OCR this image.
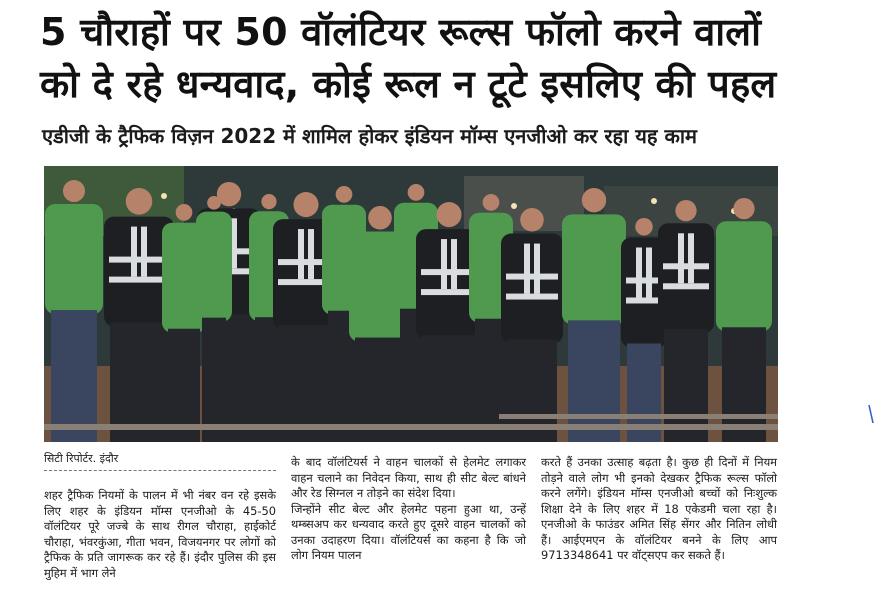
5 चौराहों पर 50 वॉलंटियर रूल्स फॉलो करने वालों
को दे रहे धन्यवाद, कोई रूल न टूटे इसलिए की पहल
एडीजी के ट्रैफिक विज़न 2022 में शामिल होकर इंडियन मॉम्स एनजीओ कर रहा यह काम
सिटी रिपोर्टर. इंदौर

शहर ट्रैफिक नियमों के पालन में भी नंबर वन रहे इसके लिए शहर के इंडियन मॉम्स एनजीओ के 45-50 वॉलंटियर पूरे जज्बे के साथ रीगल चौराहा, हाईकोर्ट चौराहा, भंवरकुंआ, गीता भवन, विजयनगर पर लोगों को ट्रैफिक के प्रति जागरूक कर रहे हैं। इंदौर पुलिस की इस मुहिम में भाग लेने

के बाद वॉलंटियर्स ने वाहन चालकों से हेलमेट लगाकर वाहन चलाने का निवेदन किया, साथ ही सीट बेल्ट बांधने और रेड सिग्नल न तोड़ने का संदेश दिया।

जिन्होंने सीट बेल्ट और हेलमेट पहना हुआ था, उन्हें थम्ब्सअप कर धन्यवाद करते हुए दूसरे वाहन चालकों को उनका उदाहरण दिया। वॉलंटियर्स का कहना है कि जो लोग नियम पालन

करते हैं उनका उत्साह बढ़ता है। कुछ ही दिनों में नियम तोड़ने वाले लोग भी इनको देखकर ट्रैफिक रूल्स फॉलो करने लगेंगे। इंडियन मॉम्स एनजीओ बच्चों को निःशुल्क शिक्षा देने के लिए शहर में 18 एकेडमी चला रहा है। एनजीओ के फाउंडर अमित सिंह सेंगर और नितिन लोधी हैं। आईएमएन के वॉलंटियर बनने के लिए आप 9713348641 पर वॉट्सएप कर सकते हैं।
